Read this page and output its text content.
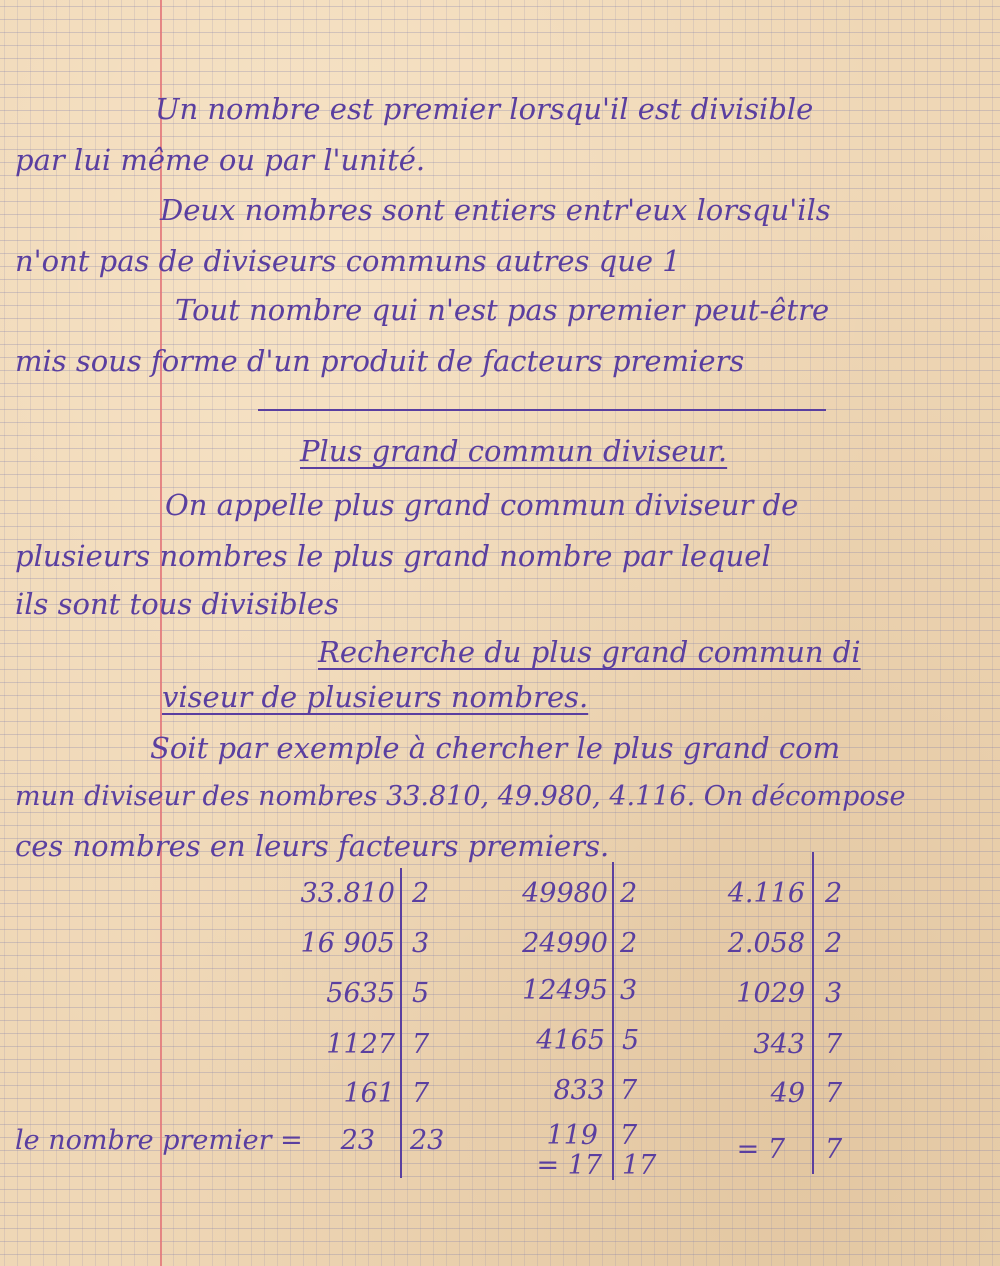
Un nombre est premier lorsqu'il est divisible
par lui même ou par l'unité.
Deux nombres sont entiers entr'eux lorsqu'ils
n'ont pas de diviseurs communs autres que 1
Tout nombre qui n'est pas premier peut-être
mis sous forme d'un produit de facteurs premiers
Plus grand commun diviseur.
On appelle plus grand commun diviseur de
plusieurs nombres le plus grand nombre par lequel
ils sont tous divisibles
Recherche du plus grand commun di
viseur de plusieurs nombres.
Soit par exemple à chercher le plus grand com
mun diviseur des nombres 33.810, 49.980, 4.116. On décompose
ces nombres en leurs facteurs premiers.
33.810
16 905
5635
1127
161
23
2
3
5
7
7
23
49980
24990
12495
4165
833
119
= 17
2
2
3
5
7
7
17
4.116
2.058
1029
343
49
= 7
2
2
3
7
7
7
le nombre premier =
